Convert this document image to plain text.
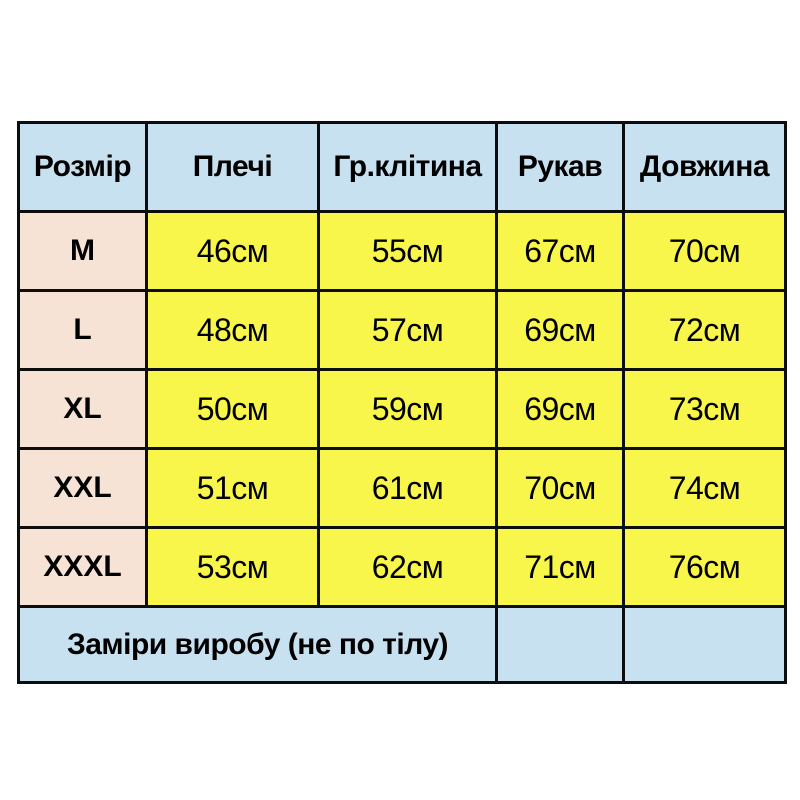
Розмір	Плечі	Гр.клітина	Рукав	Довжина
M	46см	55см	67см	70см
L	48см	57см	69см	72см
XL	50см	59см	69см	73см
XXL	51см	61см	70см	74см
XXXL	53см	62см	71см	76см
Заміри виробу (не по тілу)				
